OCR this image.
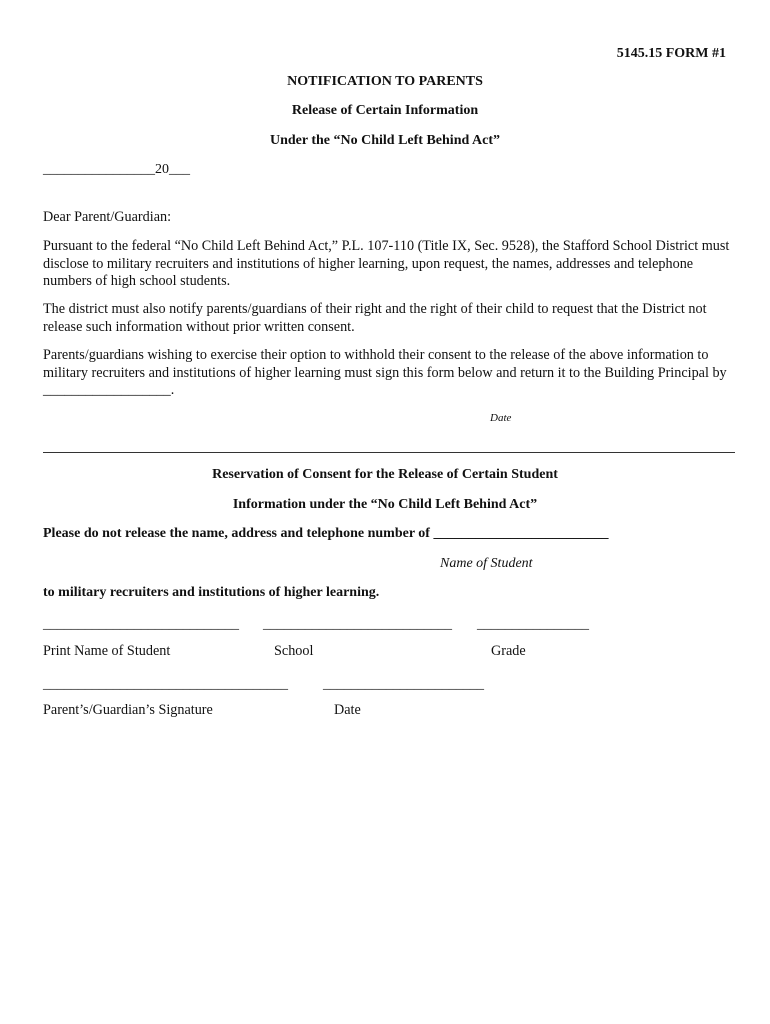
5145.15 FORM #1
NOTIFICATION TO PARENTS
Release of Certain Information
Under the “No Child Left Behind Act”
________________20___
Dear Parent/Guardian:
Pursuant to the federal “No Child Left Behind Act,” P.L. 107-110 (Title IX, Sec. 9528), the Stafford School District must disclose to military recruiters and institutions of higher learning, upon request, the names, addresses and telephone numbers of high school students.
The district must also notify parents/guardians of their right and the right of their child to request that the District not release such information without prior written consent.
Parents/guardians wishing to exercise their option to withhold their consent to the release of the above information to military recruiters and institutions of higher learning must sign this form below and return it to the Building Principal by __________________.
Date
Reservation of Consent for the Release of Certain Student
Information under the “No Child Left Behind Act”
Please do not release the name, address and telephone number of _________________________
Name of Student
to military recruiters and institutions of higher learning.
____________________________ ___________________________ ________________
Print Name of Student	School	Grade
___________________________________	_______________________
Parent’s/Guardian’s Signature	Date
